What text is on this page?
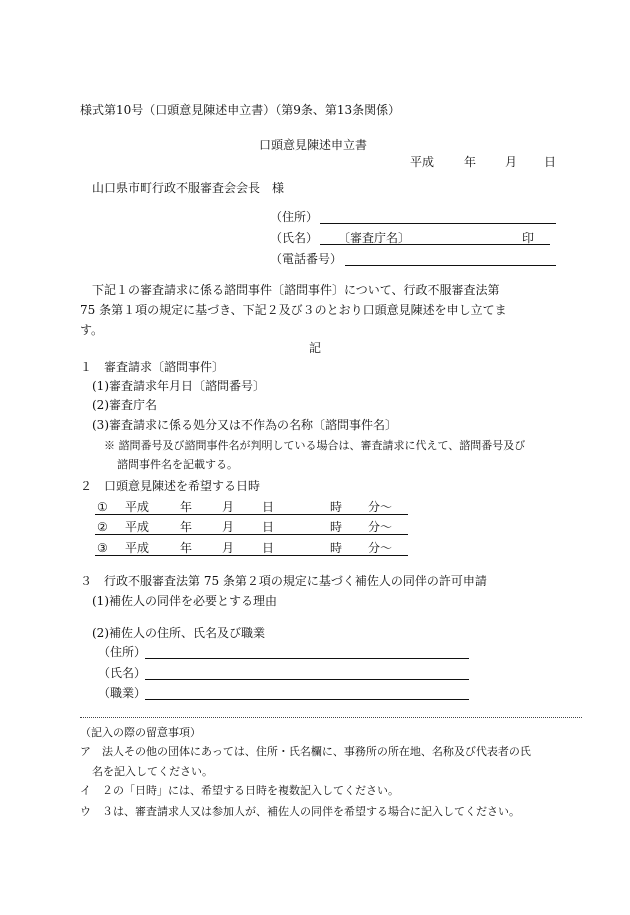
様式第10号（口頭意見陳述申立書）（第9条、第13条関係）
口頭意見陳述申立書
平成 年 月 日
山口県市町行政不服審査会会長　様
（住所）
（氏名） 〔審査庁名〕	印
（電話番号）
下記１の審査請求に係る諮問事件〔諮問事件〕について、行政不服審査法第
75 条第１項の規定に基づき、下記２及び３のとおり口頭意見陳述を申し立てま
す。
記
１　審査請求〔諮問事件〕
(1)審査請求年月日〔諮問番号〕
(2)審査庁名
(3)審査請求に係る処分又は不作為の名称〔諮問事件名〕
※ 諮問番号及び諮問事件名が判明している場合は、審査請求に代えて、諮問番号及び
諮問事件名を記載する。
２　口頭意見陳述を希望する日時
① 平成	年 月 日	時 分～
② 平成	年 月 日	時 分～
③ 平成	年 月 日	時 分～
３　行政不服審査法第 75 条第２項の規定に基づく補佐人の同伴の許可申請
(1)補佐人の同伴を必要とする理由
(2)補佐人の住所、氏名及び職業
（住所）
（氏名）
（職業）
（記入の際の留意事項）
ア　法人その他の団体にあっては、住所・氏名欄に、事務所の所在地、名称及び代表者の氏
名を記入してください。
イ　２の「日時」には、希望する日時を複数記入してください。
ウ　３は、審査請求人又は参加人が、補佐人の同伴を希望する場合に記入してください。
